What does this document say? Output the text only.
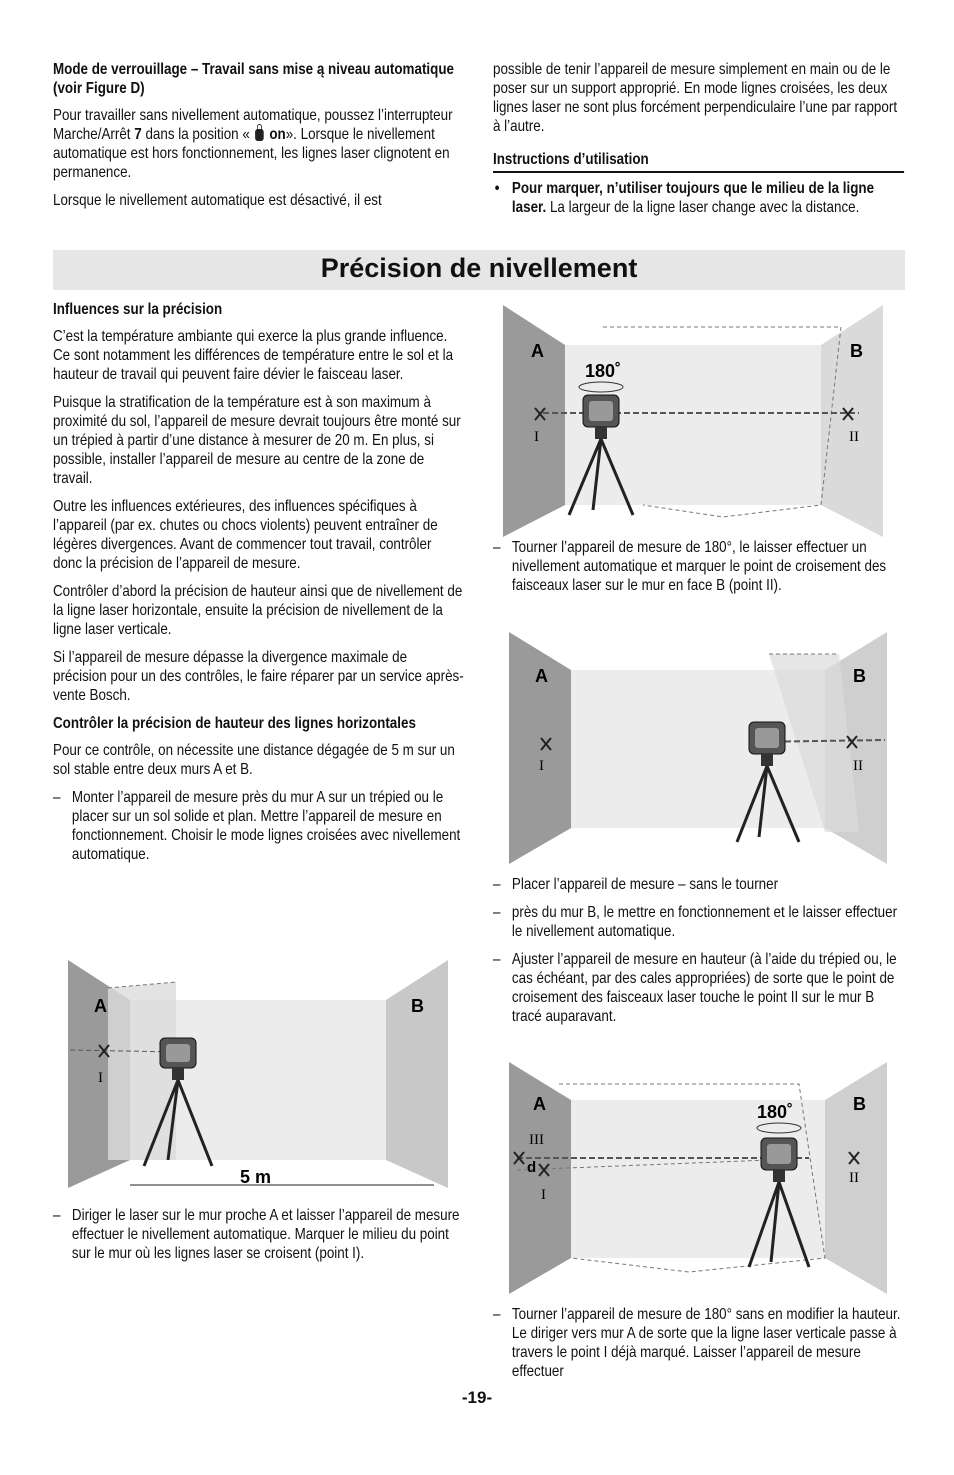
Mode de verrouillage – Travail sans mise ą niveau automatique (voir Figure D)

Pour travailler sans nivellement automatique, poussez l’interrupteur Marche/Arrêt 7 dans la position «  on». Lorsque le nivellement automatique est hors fonctionnement, les lignes laser clignotent en permanence.

Lorsque le nivellement automatique est désactivé, il est

possible de tenir l’appareil de mesure simplement en main ou de le poser sur un support approprié. En mode lignes croisées, les deux lignes laser ne sont plus forcément perpendiculaire l’une par rapport à l’autre.

Instructions d’utilisation
• Pour marquer, n’utiliser toujours que le milieu de la ligne laser. La largeur de la ligne laser change avec la distance.
Précision de nivellement
Influences sur la précision

C’est la température ambiante qui exerce la plus grande influence. Ce sont notamment les différences de température entre le sol et la hauteur de travail qui peuvent faire dévier le faisceau laser.

Puisque la stratification de la température est à son maximum à proximité du sol, l’appareil de mesure devrait toujours être monté sur un trépied à partir d’une distance à mesurer de 20 m. En plus, si possible, installer l’appareil de mesure au centre de la zone de travail.

Outre les influences extérieures, des influences spécifiques à l’appareil (par ex. chutes ou chocs violents) peuvent entraîner de légères divergences. Avant de commencer tout travail, contrôler donc la précision de l’appareil de mesure.

Contrôler d’abord la précision de hauteur ainsi que de nivellement de la ligne laser horizontale, ensuite la précision de nivellement de la ligne laser verticale.

Si l’appareil de mesure dépasse la divergence maximale de précision pour un des contrôles, le faire réparer par un service après-vente Bosch.

Contrôler la précision de hauteur des lignes horizontales

Pour ce contrôle, on nécessite une distance dégagée de 5 m sur un sol stable entre deux murs A et B.

– Monter l’appareil de mesure près du mur A sur un trépied ou le placer sur un sol solide et plan. Mettre l’appareil de mesure en fonctionnement. Choisir le mode lignes croisées avec nivellement automatique.
– Diriger le laser sur le mur proche A et laisser l’appareil de mesure effectuer le nivellement automatique. Marquer le milieu du point sur le mur où les lignes laser se croisent (point I).
– Tourner l’appareil de mesure de 180°, le laisser effectuer un nivellement automatique et marquer le point de croisement des faisceaux laser sur le mur en face B (point II).
– Placer l’appareil de mesure – sans le tourner
– près du mur B, le mettre en fonctionnement et le laisser effectuer le nivellement automatique.
– Ajuster l’appareil de mesure en hauteur (à l’aide du trépied ou, le cas échéant, par des cales appropriées) de sorte que le point de croisement des faisceaux laser touche le point II sur le mur B tracé auparavant.
– Tourner l’appareil de mesure de 180° sans en modifier la hauteur. Le diriger vers mur A de sorte que la ligne laser verticale passe à travers le point I déjà marqué. Laisser l’appareil de mesure effectuer
A	B
I
5 m
A	B
180˚
I	II
A	B
I	II
A	B
180˚
III
d
I
II
-19-
